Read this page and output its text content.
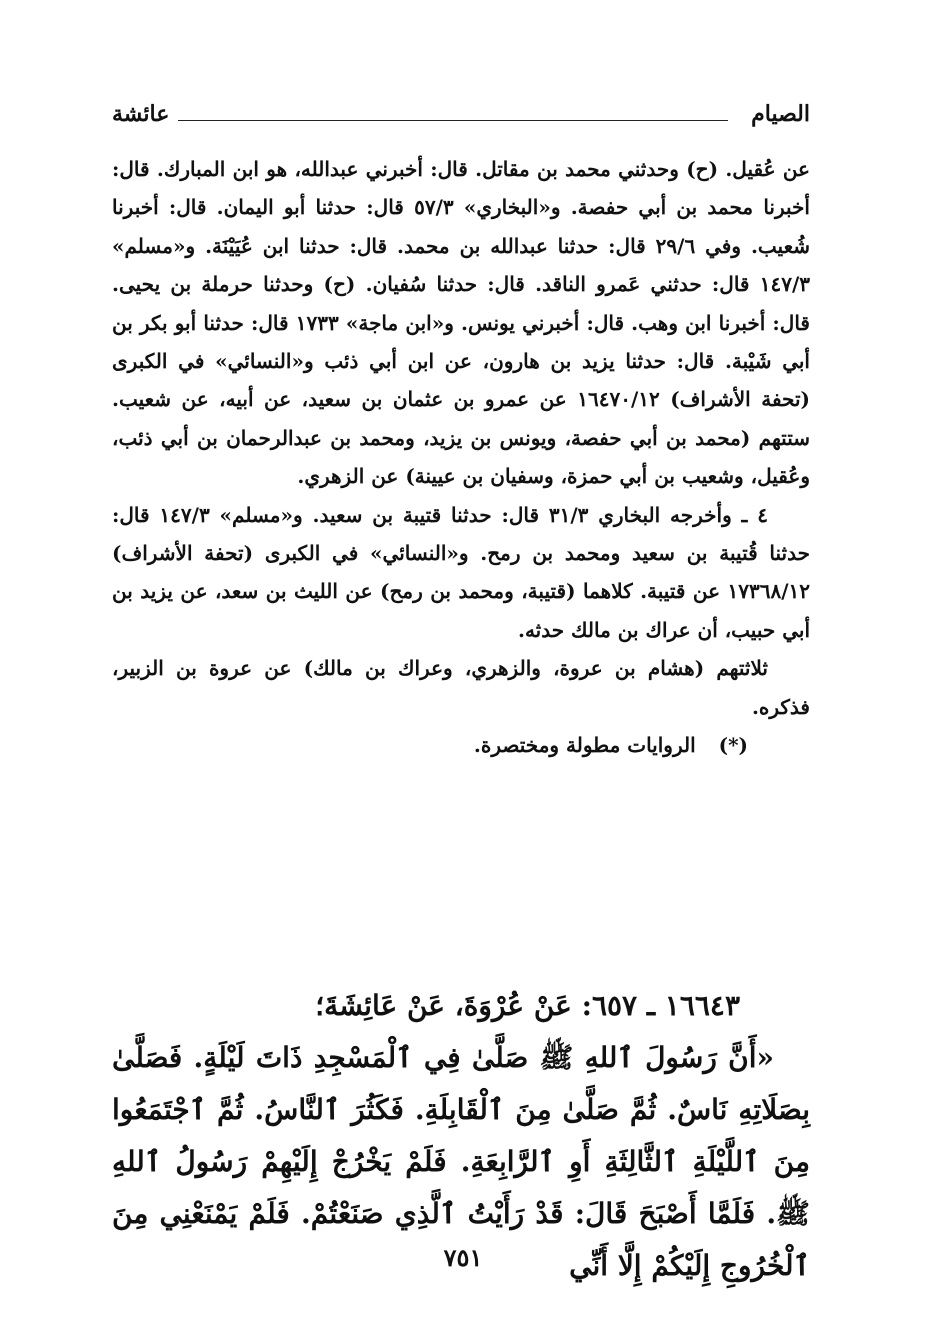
الصيام
عائشة

عن عُقيل. (ح) وحدثني محمد بن مقاتل. قال: أخبرني عبدالله، هو ابن المبارك. قال: أخبرنا محمد بن أبي حفصة. و«البخاري» ٥٧/٣ قال: حدثنا أبو اليمان. قال: أخبرنا شُعيب. وفي ٢٩/٦ قال: حدثنا عبدالله بن محمد. قال: حدثنا ابن عُيَيْنَة. و«مسلم» ١٤٧/٣ قال: حدثني عَمرو الناقد. قال: حدثنا سُفيان. (ح) وحدثنا حرملة بن يحيى. قال: أخبرنا ابن وهب. قال: أخبرني يونس. و«ابن ماجة» ١٧٣٣ قال: حدثنا أبو بكر بن أبي شَيْبة. قال: حدثنا يزيد بن هارون، عن ابن أبي ذئب و«النسائي» في الكبرى (تحفة الأشراف) ١٦٤٧٠/١٢ عن عمرو بن عثمان بن سعيد، عن أبيه، عن شعيب. ستتهم (محمد بن أبي حفصة، ويونس بن يزيد، ومحمد بن عبدالرحمان بن أبي ذئب، وعُقيل، وشعيب بن أبي حمزة، وسفيان بن عيينة) عن الزهري.

٤ ـ وأخرجه البخاري ٣١/٣ قال: حدثنا قتيبة بن سعيد. و«مسلم» ١٤٧/٣ قال: حدثنا قُتيبة بن سعيد ومحمد بن رمح. و«النسائي» في الكبرى (تحفة الأشراف) ١٧٣٦٨/١٢ عن قتيبة. كلاهما (قتيبة، ومحمد بن رمح) عن الليث بن سعد، عن يزيد بن أبي حبيب، أن عراك بن مالك حدثه.

ثلاثتهم (هشام بن عروة، والزهري، وعراك بن مالك) عن عروة بن الزبير، فذكره.

(*) الروايات مطولة ومختصرة.

١٦٦٤٣ ـ ٦٥٧: عَنْ عُرْوَةَ، عَنْ عَائِشَةَ؛

«أَنَّ رَسُولَ ٱللهِ ﷺ صَلَّىٰ فِي ٱلْمَسْجِدِ ذَاتَ لَيْلَةٍ. فَصَلَّىٰ بِصَلَاتِهِ نَاسٌ. ثُمَّ صَلَّىٰ مِنَ ٱلْقَابِلَةِ. فَكَثُرَ ٱلنَّاسُ. ثُمَّ ٱجْتَمَعُوا مِنَ ٱللَّيْلَةِ ٱلثَّالِثَةِ أَوِ ٱلرَّابِعَةِ. فَلَمْ يَخْرُجْ إِلَيْهِمْ رَسُولُ ٱللهِ ﷺ. فَلَمَّا أَصْبَحَ قَالَ: قَدْ رَأَيْتُ ٱلَّذِي صَنَعْتُمْ. فَلَمْ يَمْنَعْنِي مِنَ ٱلْخُرُوجِ إِلَيْكُمْ إِلَّا أَنِّي

٧٥١
